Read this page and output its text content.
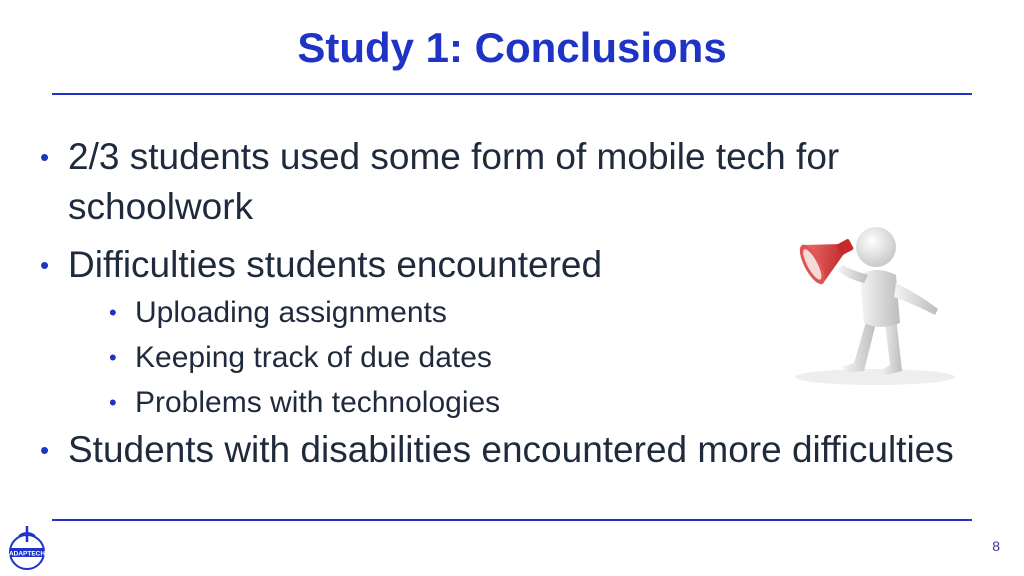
Study 1: Conclusions
• 2/3 students used some form of mobile tech for schoolwork
• Difficulties students encountered
• Uploading assignments
• Keeping track of due dates
• Problems with technologies
• Students with disabilities encountered more difficulties
ADAPTECH	8
